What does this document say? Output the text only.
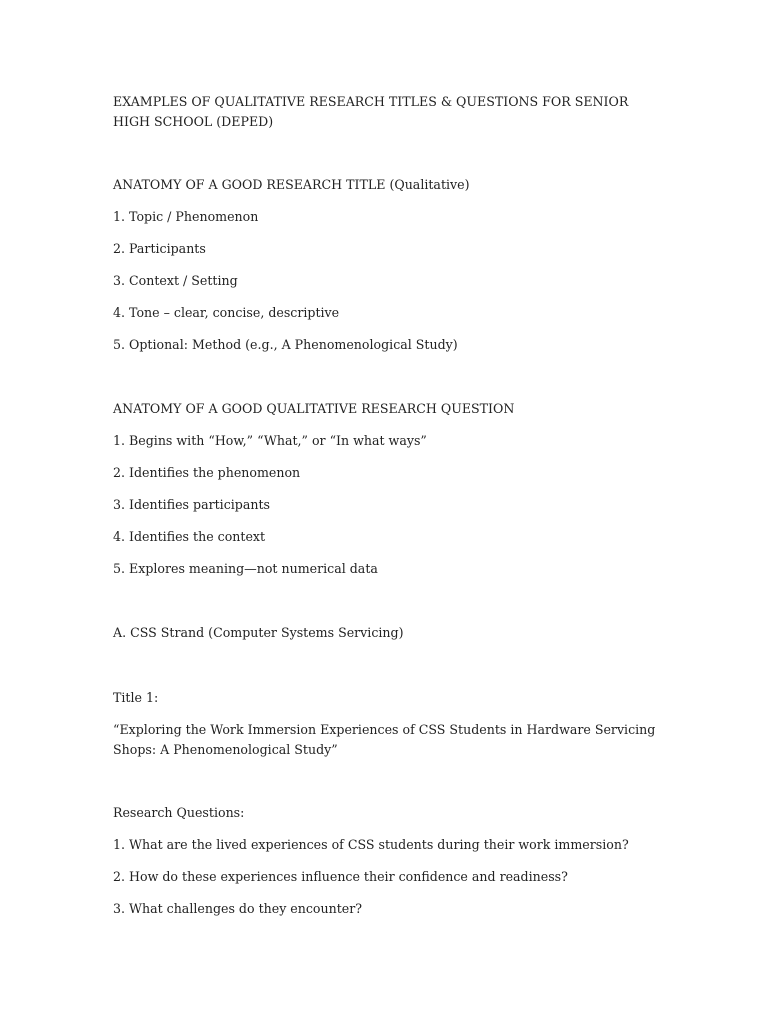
EXAMPLES OF QUALITATIVE RESEARCH TITLES & QUESTIONS FOR SENIOR HIGH SCHOOL (DEPED)
ANATOMY OF A GOOD RESEARCH TITLE (Qualitative)
1. Topic / Phenomenon
2. Participants
3. Context / Setting
4. Tone – clear, concise, descriptive
5. Optional: Method (e.g., A Phenomenological Study)
ANATOMY OF A GOOD QUALITATIVE RESEARCH QUESTION
1. Begins with “How,” “What,” or “In what ways”
2. Identifies the phenomenon
3. Identifies participants
4. Identifies the context
5. Explores meaning—not numerical data
A. CSS Strand (Computer Systems Servicing)
Title 1:
“Exploring the Work Immersion Experiences of CSS Students in Hardware Servicing Shops: A Phenomenological Study”
Research Questions:
1. What are the lived experiences of CSS students during their work immersion?
2. How do these experiences influence their confidence and readiness?
3. What challenges do they encounter?
